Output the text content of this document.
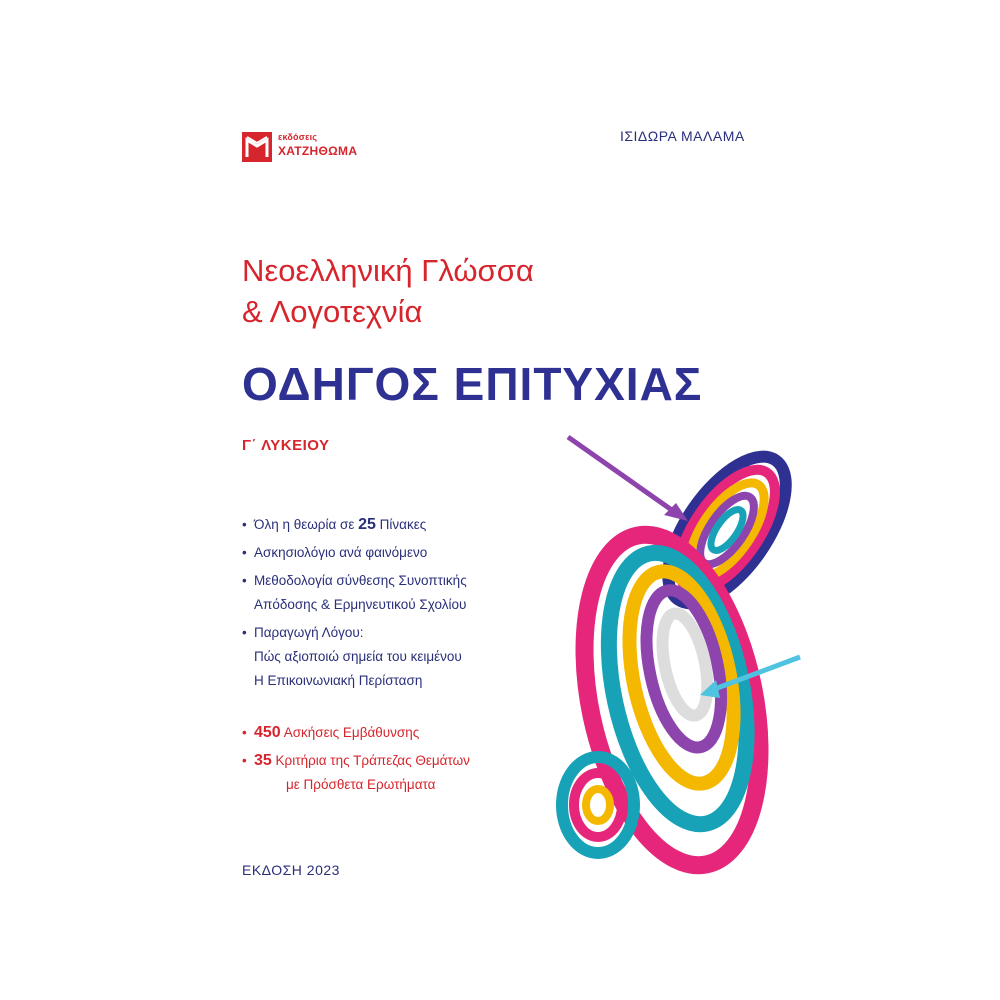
εκδόσεις
ΧΑΤΖΗΘΩΜΑ
ΙΣΙΔΩΡΑ ΜΑΛΑΜΑ
Νεοελληνική Γλώσσα
& Λογοτεχνία
ΟΔΗΓΟΣ ΕΠΙΤΥΧΙΑΣ
Γ΄ ΛΥΚΕΙΟΥ
• Όλη η θεωρία σε 25 Πίνακες
• Ασκησιολόγιο ανά φαινόμενο
• Μεθοδολογία σύνθεσης Συνοπτικής
Απόδοσης & Ερμηνευτικού Σχολίου
• Παραγωγή Λόγου:
Πώς αξιοποιώ σημεία του κειμένου
Η Επικοινωνιακή Περίσταση
• 450 Ασκήσεις Εμβάθυνσης
• 35 Κριτήρια της Τράπεζας Θεμάτων
με Πρόσθετα Ερωτήματα
ΕΚΔΟΣΗ 2023
